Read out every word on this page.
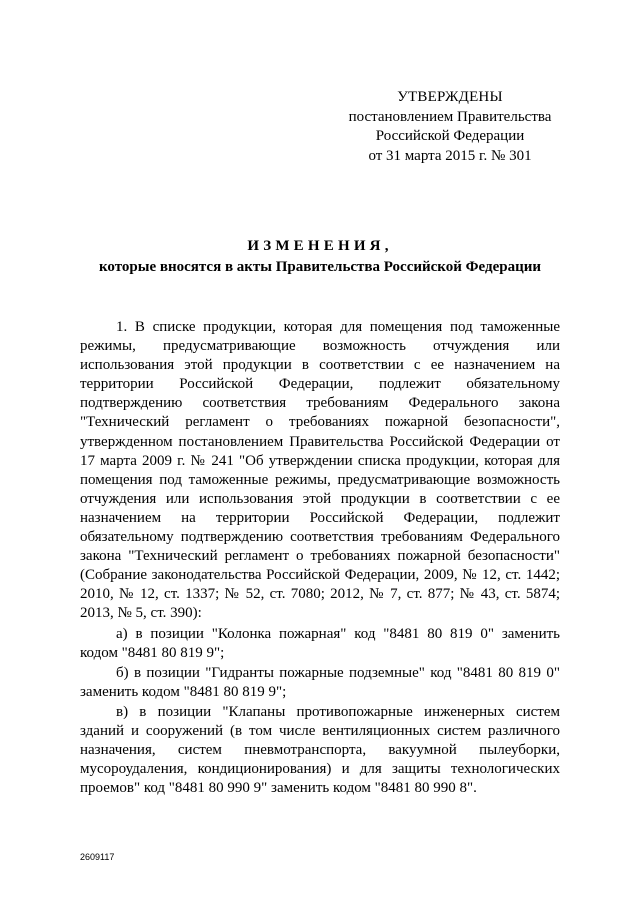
УТВЕРЖДЕНЫ
постановлением Правительства
Российской Федерации
от 31 марта 2015 г. № 301
ИЗМЕНЕНИЯ,
которые вносятся в акты Правительства Российской Федерации

1. В списке продукции, которая для помещения под таможенные режимы, предусматривающие возможность отчуждения или использования этой продукции в соответствии с ее назначением на территории Российской Федерации, подлежит обязательному подтверждению соответствия требованиям Федерального закона "Технический регламент о требованиях пожарной безопасности", утвержденном постановлением Правительства Российской Федерации от 17 марта 2009 г. № 241 "Об утверждении списка продукции, которая для помещения под таможенные режимы, предусматривающие возможность отчуждения или использования этой продукции в соответствии с ее назначением на территории Российской Федерации, подлежит обязательному подтверждению соответствия требованиям Федерального закона "Технический регламент о требованиях пожарной безопасности" (Собрание законодательства Российской Федерации, 2009, № 12, ст. 1442; 2010, № 12, ст. 1337; № 52, ст. 7080; 2012, № 7, ст. 877; № 43, ст. 5874; 2013, № 5, ст. 390):

а) в позиции "Колонка пожарная" код "8481 80 819 0" заменить кодом "8481 80 819 9";

б) в позиции "Гидранты пожарные подземные" код "8481 80 819 0" заменить кодом "8481 80 819 9";

в) в позиции "Клапаны противопожарные инженерных систем зданий и сооружений (в том числе вентиляционных систем различного назначения, систем пневмотранспорта, вакуумной пылеуборки, мусороудаления, кондиционирования) и для защиты технологических проемов" код "8481 80 990 9" заменить кодом "8481 80 990 8".

2609117
